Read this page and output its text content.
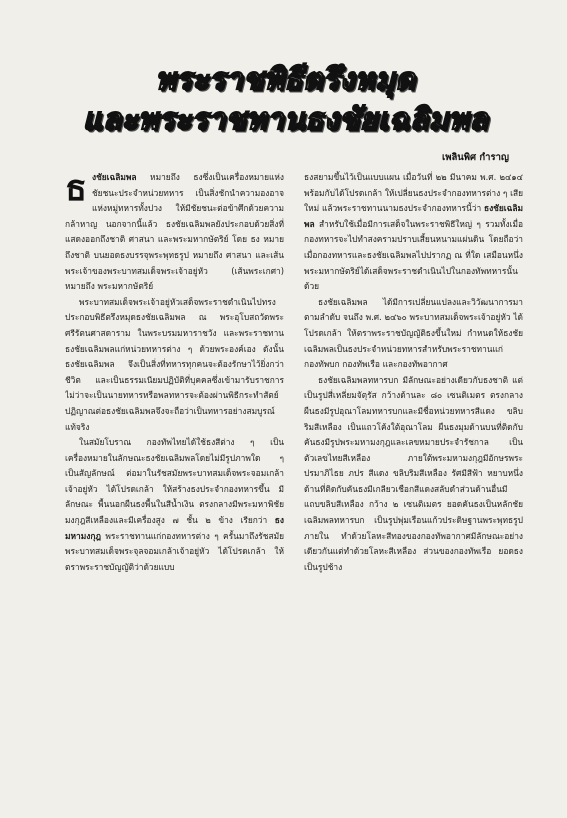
พระราชพิธีตรึงหมุด
และพระราชทานธงชัยเฉลิมพล
เพลินพิศ กำราญ

ธงชัยเฉลิมพล หมายถึง ธงซึ่งเป็นเครื่องหมายแห่งชัยชนะประจำหน่วยทหาร เป็นสิ่งชักนำความองอาจแห่งหมู่ทหารทั้งปวง ให้มีชัยชนะต่อข้าศึกด้วยความกล้าหาญ นอกจากนี้แล้ว ธงชัยเฉลิมพลยังประกอบด้วยสิ่งที่แสดงออกถึงชาติ ศาสนา และพระมหากษัตริย์ โดย ธง หมายถึงชาติ บนยอดธงบรรจุพระพุทธรูป หมายถึง ศาสนา และเส้นพระเจ้าของพระบาทสมเด็จพระเจ้าอยู่หัว (เส้นพระเกศา) หมายถึง พระมหากษัตริย์

พระบาทสมเด็จพระเจ้าอยู่หัวเสด็จพระราชดำเนินไปทรงประกอบพิธีตรึงหมุดธงชัยเฉลิมพล ณ พระอุโบสถวัดพระศรีรัตนศาสดาราม ในพระบรมมหาราชวัง และพระราชทานธงชัยเฉลิมพลแก่หน่วยทหารต่าง ๆ ด้วยพระองค์เอง ดังนั้นธงชัยเฉลิมพล จึงเป็นสิ่งที่ทหารทุกคนจะต้องรักษาไว้ยิ่งกว่าชีวิต และเป็นธรรมเนียมปฏิบัติที่บุคคลซึ่งเข้ามารับราชการ ไม่ว่าจะเป็นนายทหารหรือพลทหารจะต้องผ่านพิธีกระทำสัตย์ปฏิญาณต่อธงชัยเฉลิมพลจึงจะถือว่าเป็นทหารอย่างสมบูรณ์แท้จริง

ในสมัยโบราณ กองทัพไทยได้ใช้ธงสีต่าง ๆ เป็นเครื่องหมายในลักษณะธงชัยเฉลิมพลโดยไม่มีรูปภาพใด ๆ เป็นสัญลักษณ์ ต่อมาในรัชสมัยพระบาทสมเด็จพระจอมเกล้าเจ้าอยู่หัว ได้โปรดเกล้า ให้สร้างธงประจำกองทหารขึ้น มีลักษณะ พื้นนอกผืนธงพื้นในสีน้ำเงิน ตรงกลางมีพระมหาพิชัยมงกุฎสีเหลืองและมีเครื่องสูง ๗ ชั้น ๒ ข้าง เรียกว่า ธงมหามงกุฎ พระราชทานแก่กองทหารต่าง ๆ ครั้นมาถึงรัชสมัยพระบาทสมเด็จพระจุลจอมเกล้าเจ้าอยู่หัว ได้โปรดเกล้า ให้ตราพระราชบัญญัติว่าด้วยแบบ

ธงสยามขึ้นไว้เป็นแบบแผน เมื่อวันที่ ๒๒ มีนาคม พ.ศ. ๒๔๑๔ พร้อมกับได้โปรดเกล้า ให้เปลี่ยนธงประจำกองทหารต่าง ๆ เสียใหม่ แล้วพระราชทานนามธงประจำกองทหารนี้ว่า ธงชัยเฉลิมพล สำหรับใช้เมื่อมีการเสด็จในพระราชพิธีใหญ่ ๆ รวมทั้งเมื่อกองทหารจะไปทำสงครามปราบเสี้ยนหนามแผ่นดิน โดยถือว่าเมื่อกองทหารและธงชัยเฉลิมพลไปปรากฏ ณ ที่ใด เสมือนหนึ่งพระมหากษัตริย์ได้เสด็จพระราชดำเนินไปในกองทัพทหารนั้นด้วย

ธงชัยเฉลิมพล ได้มีการเปลี่ยนแปลงและวิวัฒนาการมาตามลำดับ จนถึง พ.ศ. ๒๔๖๐ พระบาทสมเด็จพระเจ้าอยู่หัว ได้โปรดเกล้า ให้ตราพระราชบัญญัติธงขึ้นใหม่ กำหนดให้ธงชัยเฉลิมพลเป็นธงประจำหน่วยทหารสำหรับพระราชทานแก่ กองทัพบก กองทัพเรือ และกองทัพอากาศ

ธงชัยเฉลิมพลทหารบก มีลักษณะอย่างเดียวกับธงชาติ แต่เป็นรูปสี่เหลี่ยมจัตุรัส กว้างด้านละ ๘๐ เซนติเมตร ตรงกลางผืนธงมีรูปอุณาโลมทหารบกและมีชื่อหน่วยทหารสีแดง ขลิบริมสีเหลือง เป็นแถวโค้งใต้อุณาโลม ผืนธงมุมด้านบนที่ติดกับคันธงมีรูปพระมหามงกุฎและเลขหมายประจำรัชกาล เป็นตัวเลขไทยสีเหลือง ภายใต้พระมหามงกุฎมีอักษรพระปรมาภิไธย ภปร สีแดง ขลิบริมสีเหลือง รัศมีสีฟ้า หยาบหนึ่งด้านที่ติดกับคันธงมีเกลียวเชือกสีแดงสลับดำส่วนด้านอื่นมีแถบขลิบสีเหลือง กว้าง ๒ เซนติเมตร ยอดคันธงเป็นหลักชัยเฉลิมพลทหารบก เป็นรูปพุ่มเรือนแก้วประดิษฐานพระพุทธรูปภายใน ทำด้วยโลหะสีทองของกองทัพอากาศมีลักษณะอย่างเดียวกันแต่ทำด้วยโลหะสีเหลือง ส่วนของกองทัพเรือ ยอดธงเป็นรูปช้าง
